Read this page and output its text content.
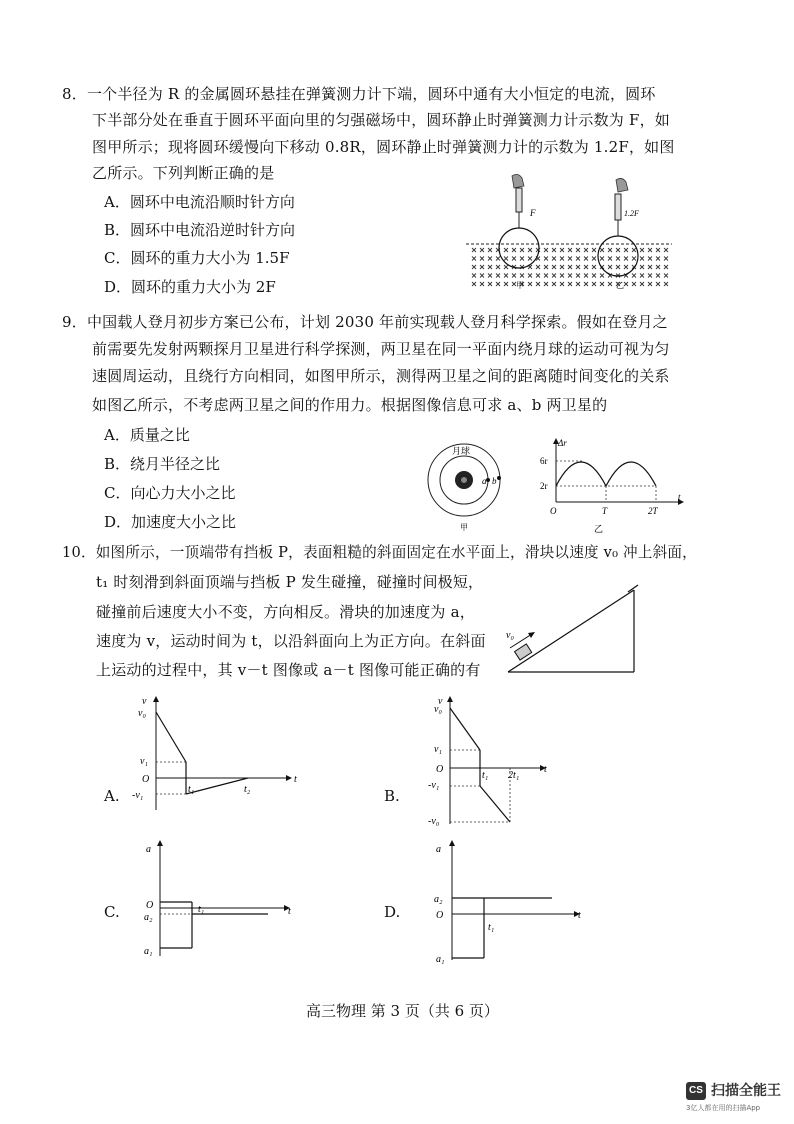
8．一个半径为 R 的金属圆环悬挂在弹簧测力计下端，圆环中通有大小恒定的电流，圆环
下半部分处在垂直于圆环平面向里的匀强磁场中，圆环静止时弹簧测力计示数为 F，如
图甲所示；现将圆环缓慢向下移动 0.8R，圆环静止时弹簧测力计的示数为 1.2F，如图
乙所示。下列判断正确的是
A．圆环中电流沿顺时针方向
B．圆环中电流沿逆时针方向
C．圆环的重力大小为 1.5F
D．圆环的重力大小为 2F
F
甲
1.2F
乙
9．中国载人登月初步方案已公布，计划 2030 年前实现载人登月科学探索。假如在登月之
前需要先发射两颗探月卫星进行科学探测，两卫星在同一平面内绕月球的运动可视为匀
速圆周运动，且绕行方向相同，如图甲所示，测得两卫星之间的距离随时间变化的关系
如图乙所示，不考虑两卫星之间的作用力。根据图像信息可求 a、b 两卫星的
A．质量之比
B．绕月半径之比
C．向心力大小之比
D．加速度大小之比
月球
a b
甲
Δr
t
6r
2r
O	T	2T
乙
10．如图所示，一顶端带有挡板 P，表面粗糙的斜面固定在水平面上，滑块以速度 v₀ 冲上斜面，
t₁ 时刻滑到斜面顶端与挡板 P 发生碰撞，碰撞时间极短，
碰撞前后速度大小不变，方向相反。滑块的加速度为 a，
速度为 v，运动时间为 t，以沿斜面向上为正方向。在斜面
上运动的过程中，其 v－t 图像或 a－t 图像可能正确的有
v₀
A.
v
v₀
v₁
O
-v₁
t₁	t₂
t
B.
v
v₀
v₁
O
-v₁
-v₀
t₁ 2t₁
t
C.
a
O
a₂
a₁
t₁	t	D.
a
a₂
O
a₁
t₁
t
高三物理 第 3 页（共 6 页）
CS 扫描全能王
3亿人都在用的扫描App
